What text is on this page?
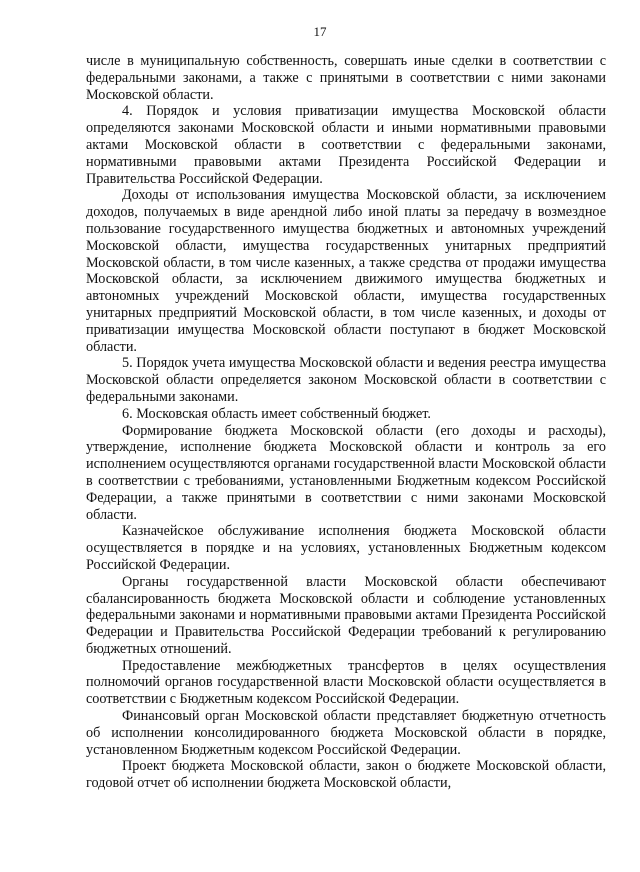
17

числе в муниципальную собственность, совершать иные сделки в соответствии с федеральными законами, а также с принятыми в соответствии с ними законами Московской области.

4. Порядок и условия приватизации имущества Московской области определяются законами Московской области и иными нормативными правовыми актами Московской области в соответствии с федеральными законами, нормативными правовыми актами Президента Российской Федерации и Правительства Российской Федерации.

Доходы от использования имущества Московской области, за исключением доходов, получаемых в виде арендной либо иной платы за передачу в возмездное пользование государственного имущества бюджетных и автономных учреждений Московской области, имущества государственных унитарных предприятий Московской области, в том числе казенных, а также средства от продажи имущества Московской области, за исключением движимого имущества бюджетных и автономных учреждений Московской области, имущества государственных унитарных предприятий Московской области, в том числе казенных, и доходы от приватизации имущества Московской области поступают в бюджет Московской области.

5. Порядок учета имущества Московской области и ведения реестра имущества Московской области определяется законом Московской области в соответствии с федеральными законами.

6. Московская область имеет собственный бюджет.

Формирование бюджета Московской области (его доходы и расходы), утверждение, исполнение бюджета Московской области и контроль за его исполнением осуществляются органами государственной власти Московской области в соответствии с требованиями, установленными Бюджетным кодексом Российской Федерации, а также принятыми в соответствии с ними законами Московской области.

Казначейское обслуживание исполнения бюджета Московской области осуществляется в порядке и на условиях, установленных Бюджетным кодексом Российской Федерации.

Органы государственной власти Московской области обеспечивают сбалансированность бюджета Московской области и соблюдение установленных федеральными законами и нормативными правовыми актами Президента Российской Федерации и Правительства Российской Федерации требований к регулированию бюджетных отношений.

Предоставление межбюджетных трансфертов в целях осуществления полномочий органов государственной власти Московской области осуществляется в соответствии с Бюджетным кодексом Российской Федерации.

Финансовый орган Московской области представляет бюджетную отчетность об исполнении консолидированного бюджета Московской области в порядке, установленном Бюджетным кодексом Российской Федерации.

Проект бюджета Московской области, закон о бюджете Московской области, годовой отчет об исполнении бюджета Московской области,
